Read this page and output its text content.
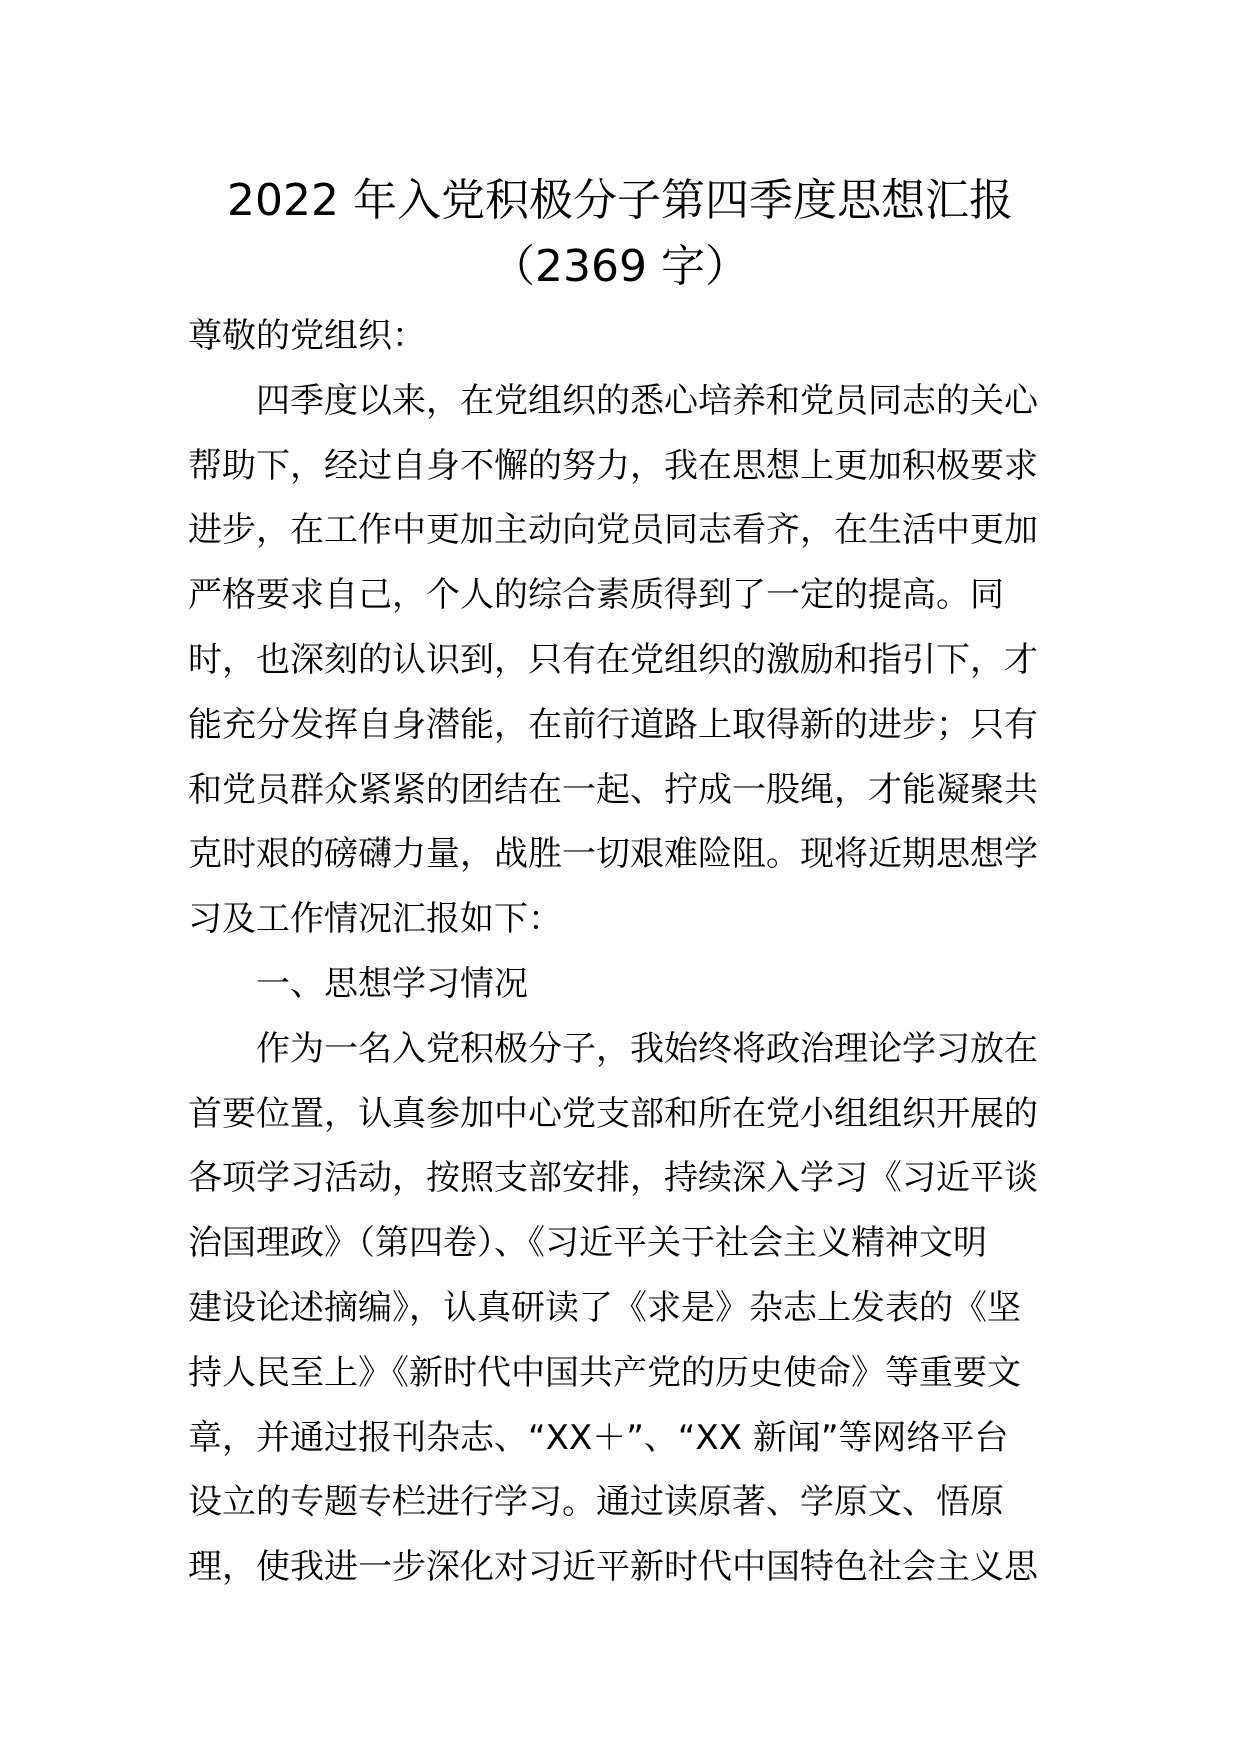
2022 年入党积极分子第四季度思想汇报
（2369 字）
尊敬的党组织：
四季度以来，在党组织的悉心培养和党员同志的关心
帮助下，经过自身不懈的努力，我在思想上更加积极要求
进步，在工作中更加主动向党员同志看齐，在生活中更加
严格要求自己，个人的综合素质得到了一定的提高。同
时，也深刻的认识到，只有在党组织的激励和指引下，才
能充分发挥自身潜能，在前行道路上取得新的进步；只有
和党员群众紧紧的团结在一起、拧成一股绳，才能凝聚共
克时艰的磅礴力量，战胜一切艰难险阻。现将近期思想学
习及工作情况汇报如下：
一、思想学习情况
作为一名入党积极分子，我始终将政治理论学习放在
首要位置，认真参加中心党支部和所在党小组组织开展的
各项学习活动，按照支部安排，持续深入学习《习近平谈
治国理政》（第四卷）、《习近平关于社会主义精神文明
建设论述摘编》，认真研读了《求是》杂志上发表的《坚
持人民至上》《新时代中国共产党的历史使命》等重要文
章，并通过报刊杂志、“XX＋”、“XX 新闻”等网络平台
设立的专题专栏进行学习。通过读原著、学原文、悟原
理，使我进一步深化对习近平新时代中国特色社会主义思
